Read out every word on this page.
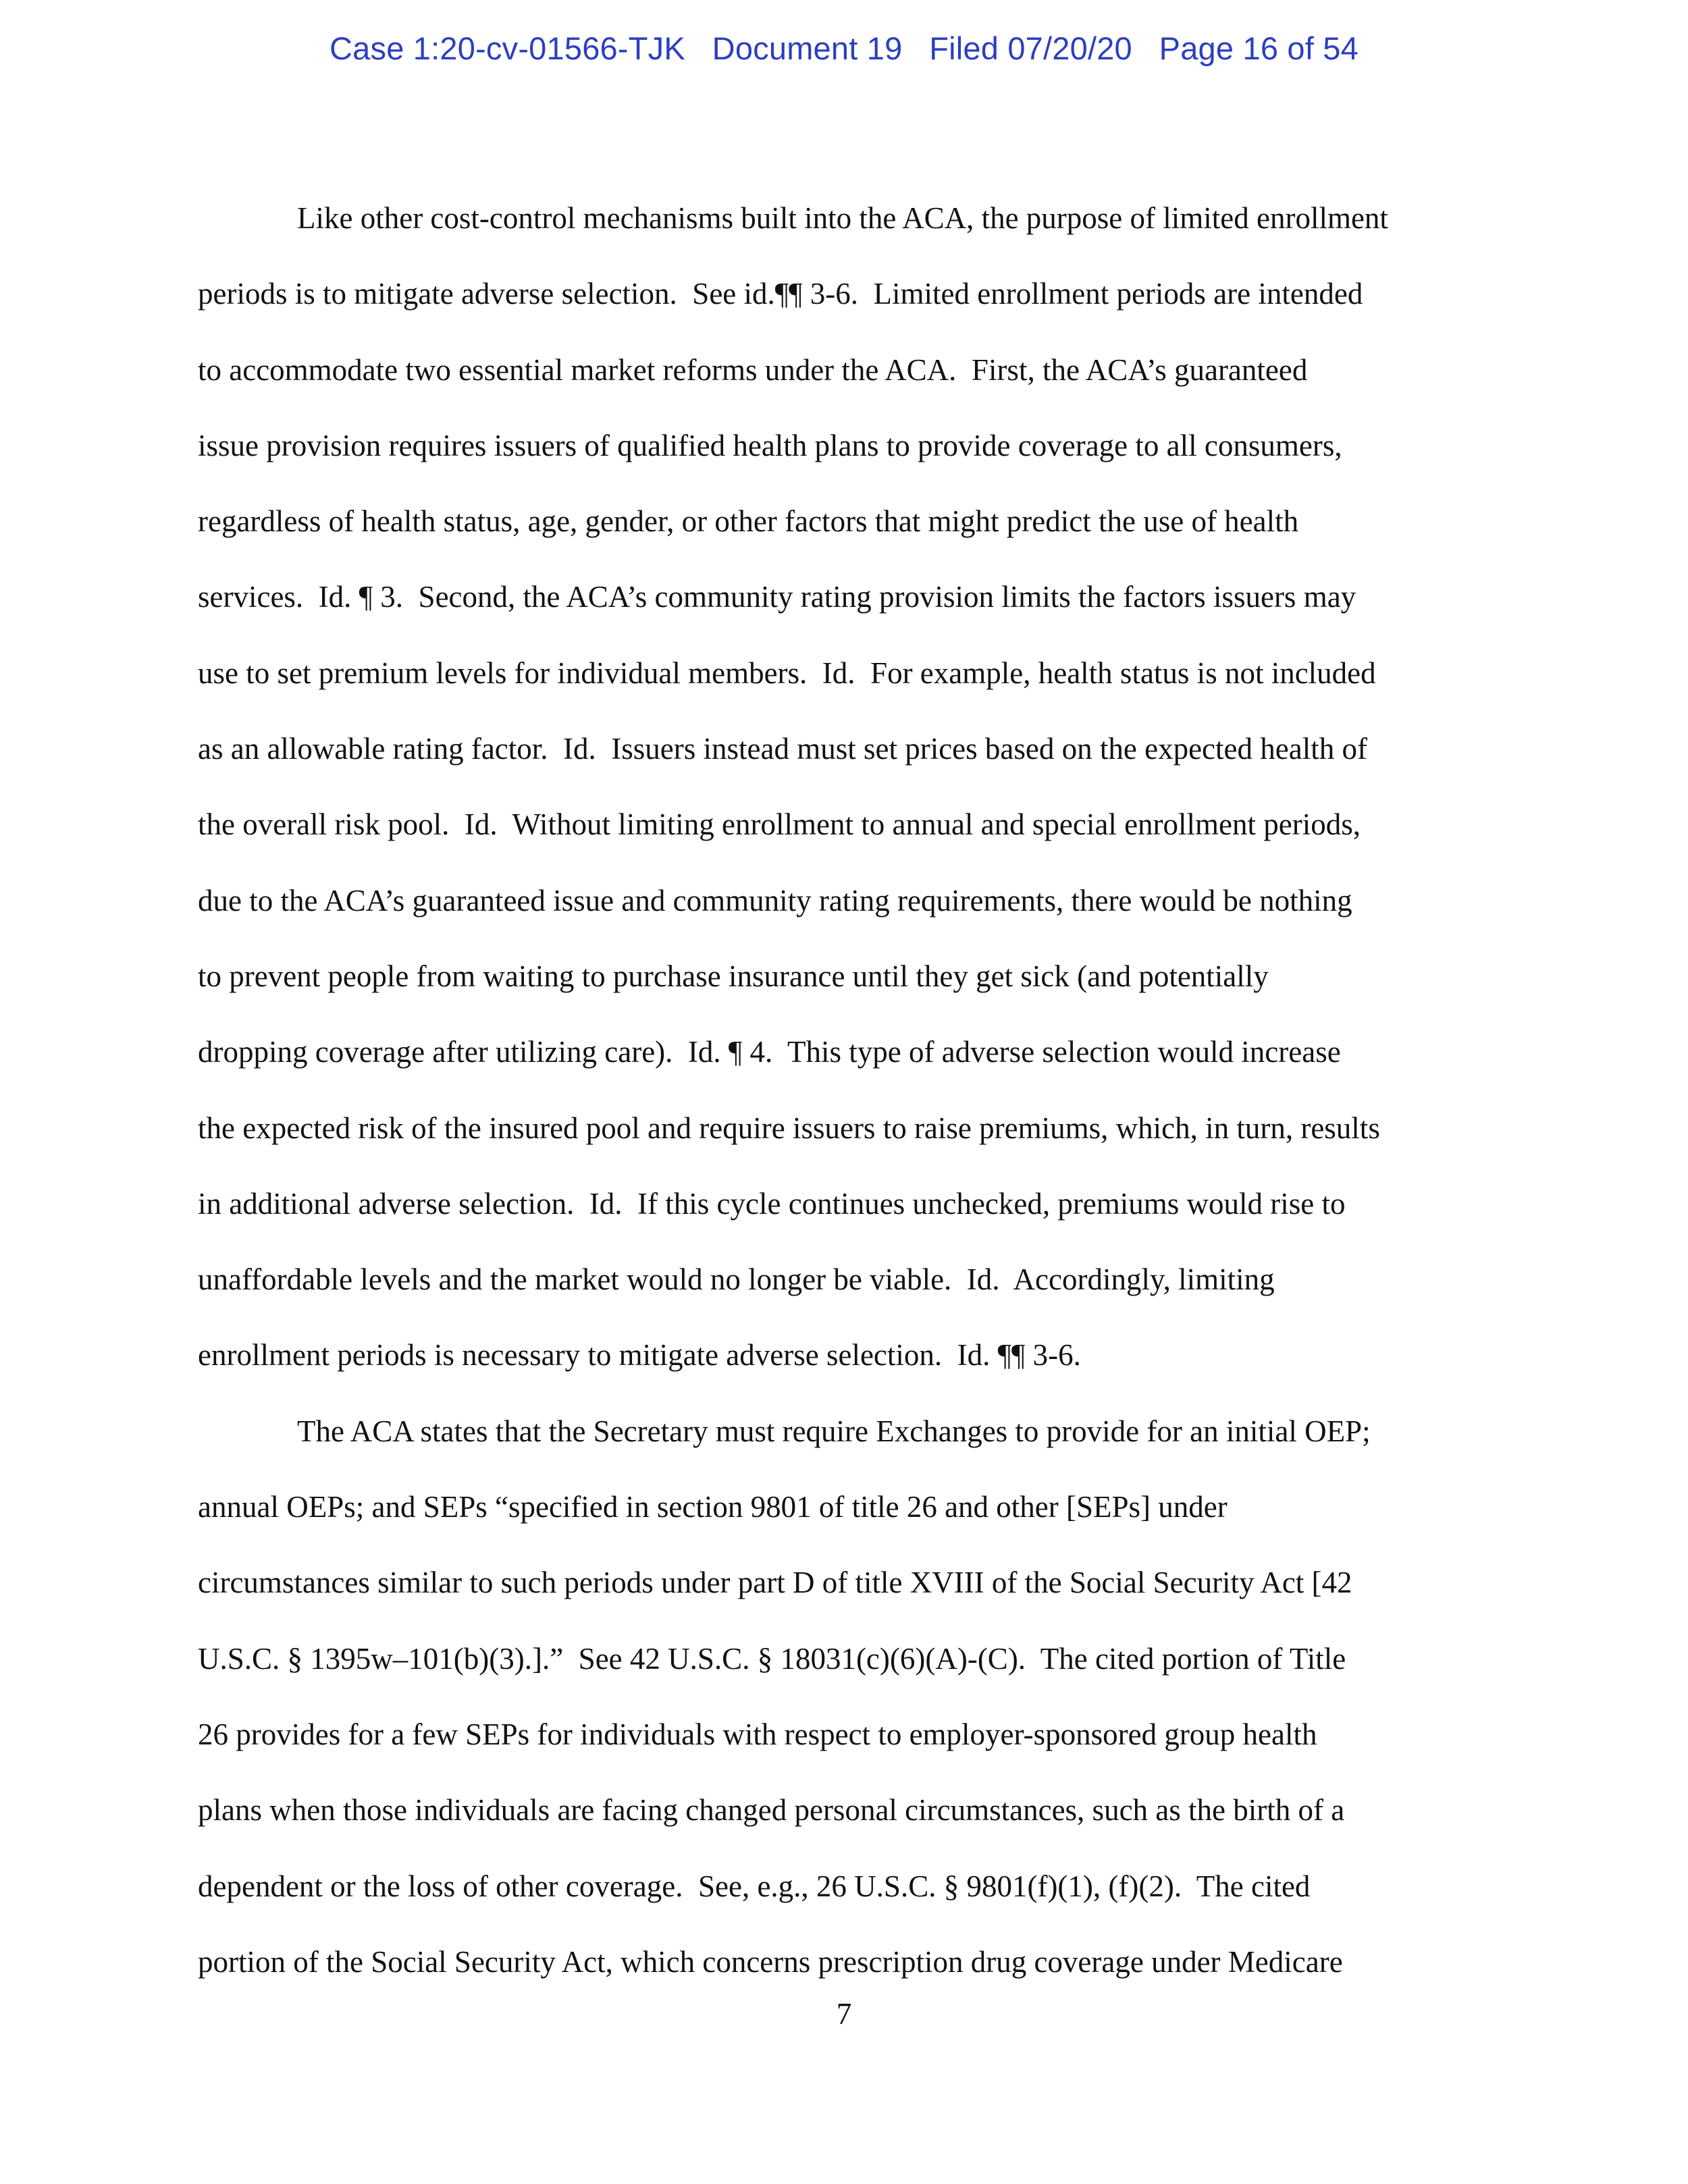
Case 1:20-cv-01566-TJK Document 19 Filed 07/20/20 Page 16 of 54
Like other cost-control mechanisms built into the ACA, the purpose of limited enrollment
periods is to mitigate adverse selection.  See id.¶¶ 3-6.  Limited enrollment periods are intended
to accommodate two essential market reforms under the ACA.  First, the ACA’s guaranteed
issue provision requires issuers of qualified health plans to provide coverage to all consumers,
regardless of health status, age, gender, or other factors that might predict the use of health
services.  Id. ¶ 3.  Second, the ACA’s community rating provision limits the factors issuers may
use to set premium levels for individual members.  Id.  For example, health status is not included
as an allowable rating factor.  Id.  Issuers instead must set prices based on the expected health of
the overall risk pool.  Id.  Without limiting enrollment to annual and special enrollment periods,
due to the ACA’s guaranteed issue and community rating requirements, there would be nothing
to prevent people from waiting to purchase insurance until they get sick (and potentially
dropping coverage after utilizing care).  Id. ¶ 4.  This type of adverse selection would increase
the expected risk of the insured pool and require issuers to raise premiums, which, in turn, results
in additional adverse selection.  Id.  If this cycle continues unchecked, premiums would rise to
unaffordable levels and the market would no longer be viable.  Id.  Accordingly, limiting
enrollment periods is necessary to mitigate adverse selection.  Id. ¶¶ 3-6.
The ACA states that the Secretary must require Exchanges to provide for an initial OEP;
annual OEPs; and SEPs “specified in section 9801 of title 26 and other [SEPs] under
circumstances similar to such periods under part D of title XVIII of the Social Security Act [42
U.S.C. § 1395w–101(b)(3).].”  See 42 U.S.C. § 18031(c)(6)(A)-(C).  The cited portion of Title
26 provides for a few SEPs for individuals with respect to employer-sponsored group health
plans when those individuals are facing changed personal circumstances, such as the birth of a
dependent or the loss of other coverage.  See, e.g., 26 U.S.C. § 9801(f)(1), (f)(2).  The cited
portion of the Social Security Act, which concerns prescription drug coverage under Medicare
7
